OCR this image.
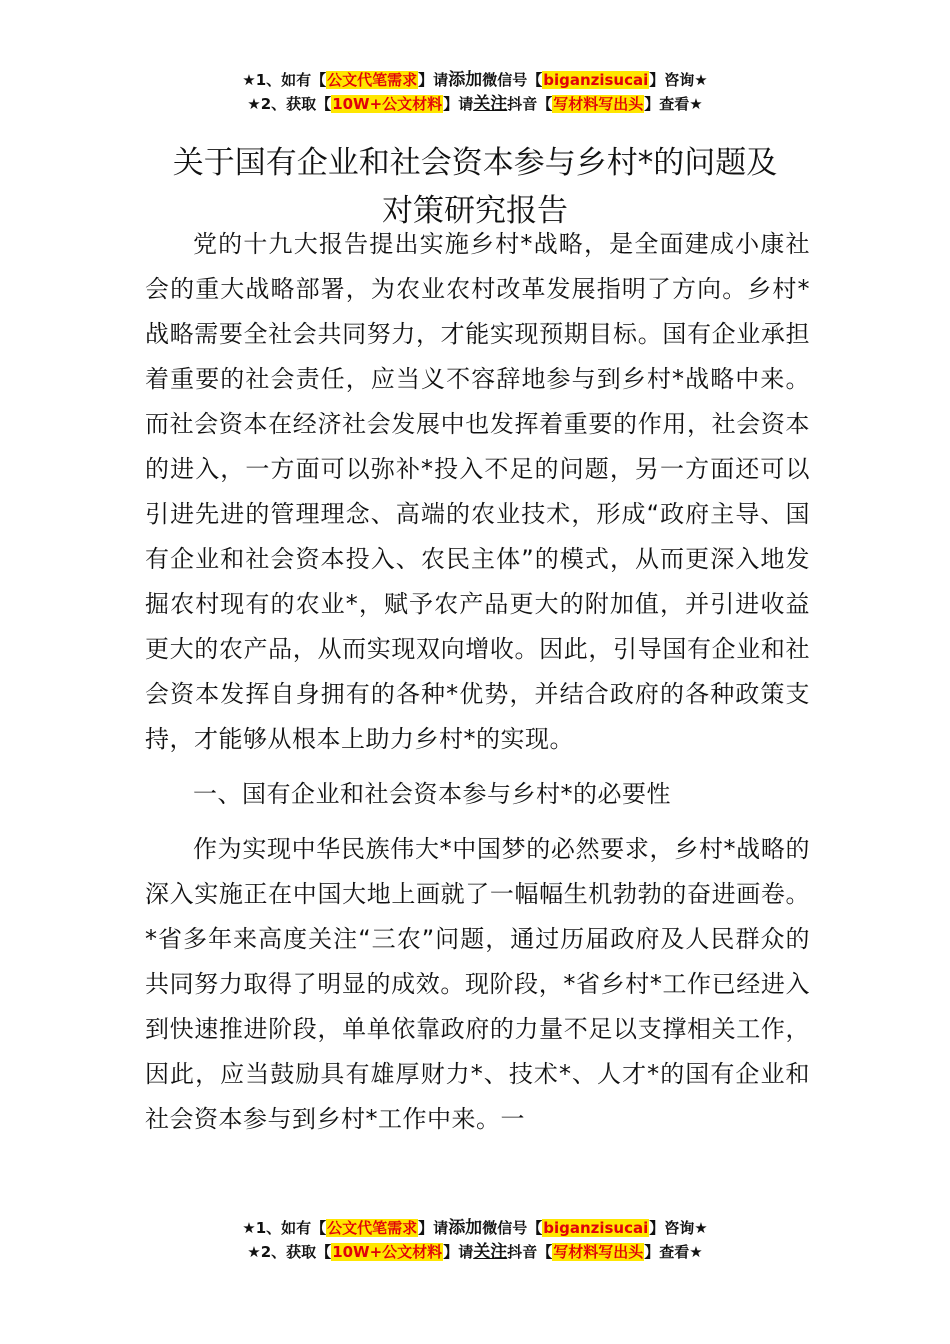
★1、如有【公文代笔需求】请添加微信号【biganzisucai】咨询★
★2、获取【10W+公文材料】请关注抖音【写材料写出头】查看★
关于国有企业和社会资本参与乡村*的问题及
对策研究报告

党的十九大报告提出实施乡村*战略，是全面建成小康社会的重大战略部署，为农业农村改革发展指明了方向。乡村*战略需要全社会共同努力，才能实现预期目标。国有企业承担着重要的社会责任，应当义不容辞地参与到乡村*战略中来。而社会资本在经济社会发展中也发挥着重要的作用，社会资本的进入，一方面可以弥补*投入不足的问题，另一方面还可以引进先进的管理理念、高端的农业技术，形成“政府主导、国有企业和社会资本投入、农民主体”的模式，从而更深入地发掘农村现有的农业*，赋予农产品更大的附加值，并引进收益更大的农产品，从而实现双向增收。因此，引导国有企业和社会资本发挥自身拥有的各种*优势，并结合政府的各种政策支持，才能够从根本上助力乡村*的实现。

一、国有企业和社会资本参与乡村*的必要性

作为实现中华民族伟大*中国梦的必然要求，乡村*战略的深入实施正在中国大地上画就了一幅幅生机勃勃的奋进画卷。*省多年来高度关注“三农”问题，通过历届政府及人民群众的共同努力取得了明显的成效。现阶段，*省乡村*工作已经进入到快速推进阶段，单单依靠政府的力量不足以支撑相关工作，因此，应当鼓励具有雄厚财力*、技术*、人才*的国有企业和社会资本参与到乡村*工作中来。一

★1、如有【公文代笔需求】请添加微信号【biganzisucai】咨询★
★2、获取【10W+公文材料】请关注抖音【写材料写出头】查看★
